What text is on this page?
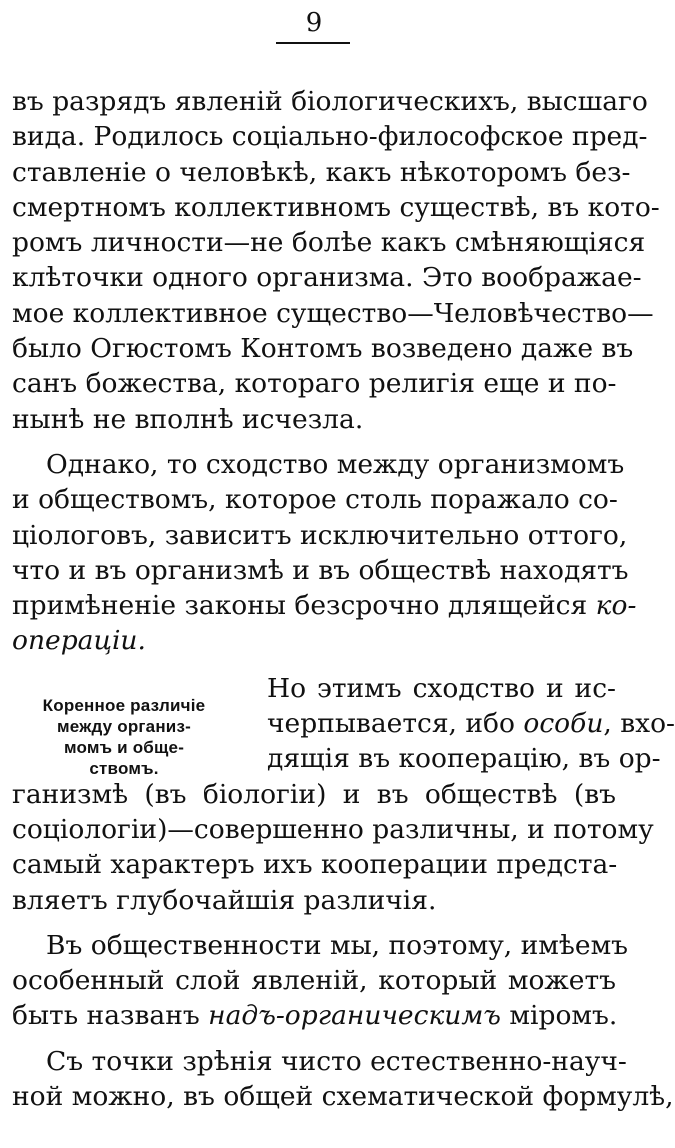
9
Коренное различіе
между организ-
момъ и обще-
ствомъ.
въ разрядъ явленій біологическихъ, высшаго
вида. Родилось соціально-философское пред-
ставленіе о человѣкѣ, какъ нѣкоторомъ без-
смертномъ коллективномъ существѣ, въ кото-
ромъ личности—не болѣе какъ смѣняющіяся
клѣточки одного организма. Это воображае-
мое коллективное существо—Человѣчество—
было Огюстомъ Контомъ возведено даже въ
санъ божества, котораго религія еще и по-
нынѣ не вполнѣ исчезла.
Однако, то сходство между организмомъ
и обществомъ, которое столь поражало со-
ціологовъ, зависитъ исключительно оттого,
что и въ организмѣ и въ обществѣ находятъ
примѣненіе законы безсрочно длящейся ко-
операціи.
Но этимъ сходство и ис-
черпывается, ибо особи, вхо-
дящія въ кооперацію, въ ор-
ганизмѣ (въ біологіи) и въ обществѣ (въ
соціологіи)—совершенно различны, и потому
самый характеръ ихъ кооперации предста-
вляетъ глубочайшія различія.
Въ общественности мы, поэтому, имѣемъ
особенный слой явленій, который можетъ
быть названъ надъ-органическимъ міромъ.
Съ точки зрѣнія чисто естественно-науч-
ной можно, въ общей схематической формулѣ,
